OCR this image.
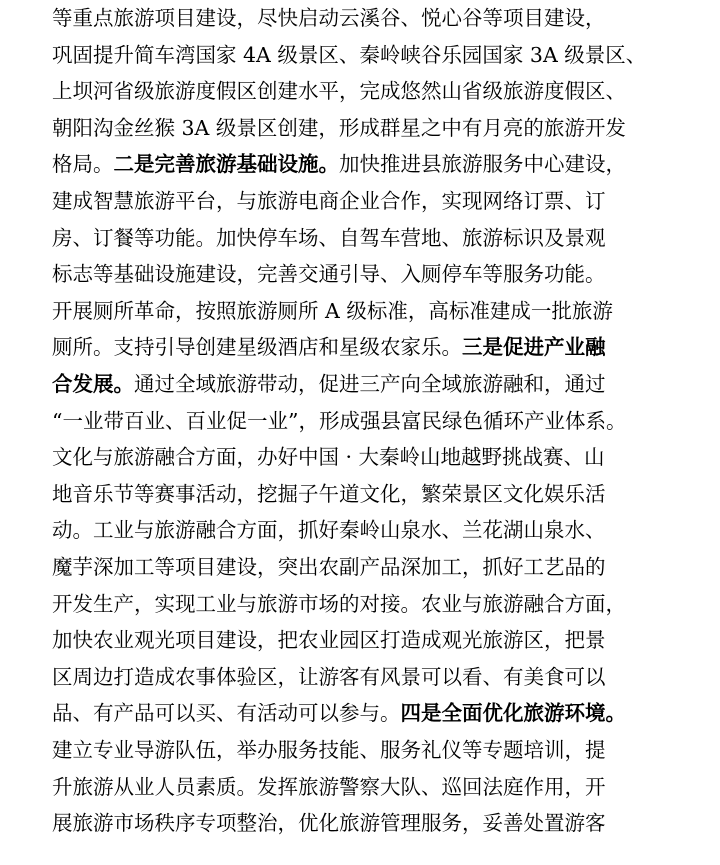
等重点旅游项目建设，尽快启动云溪谷、悦心谷等项目建设，
巩固提升简车湾国家 4A 级景区、秦岭峡谷乐园国家 3A 级景区、
上坝河省级旅游度假区创建水平，完成悠然山省级旅游度假区、
朝阳沟金丝猴 3A 级景区创建，形成群星之中有月亮的旅游开发
格局。二是完善旅游基础设施。加快推进县旅游服务中心建设，
建成智慧旅游平台，与旅游电商企业合作，实现网络订票、订
房、订餐等功能。加快停车场、自驾车营地、旅游标识及景观
标志等基础设施建设，完善交通引导、入厕停车等服务功能。
开展厕所革命，按照旅游厕所 A 级标准，高标准建成一批旅游
厕所。支持引导创建星级酒店和星级农家乐。三是促进产业融
合发展。通过全域旅游带动，促进三产向全域旅游融和，通过
“一业带百业、百业促一业”，形成强县富民绿色循环产业体系。
文化与旅游融合方面，办好中国 · 大秦岭山地越野挑战赛、山
地音乐节等赛事活动，挖掘子午道文化，繁荣景区文化娱乐活
动。工业与旅游融合方面，抓好秦岭山泉水、兰花湖山泉水、
魔芋深加工等项目建设，突出农副产品深加工，抓好工艺品的
开发生产，实现工业与旅游市场的对接。农业与旅游融合方面，
加快农业观光项目建设，把农业园区打造成观光旅游区，把景
区周边打造成农事体验区，让游客有风景可以看、有美食可以
品、有产品可以买、有活动可以参与。四是全面优化旅游环境。
建立专业导游队伍，举办服务技能、服务礼仪等专题培训，提
升旅游从业人员素质。发挥旅游警察大队、巡回法庭作用，开
展旅游市场秩序专项整治，优化旅游管理服务，妥善处置游客
